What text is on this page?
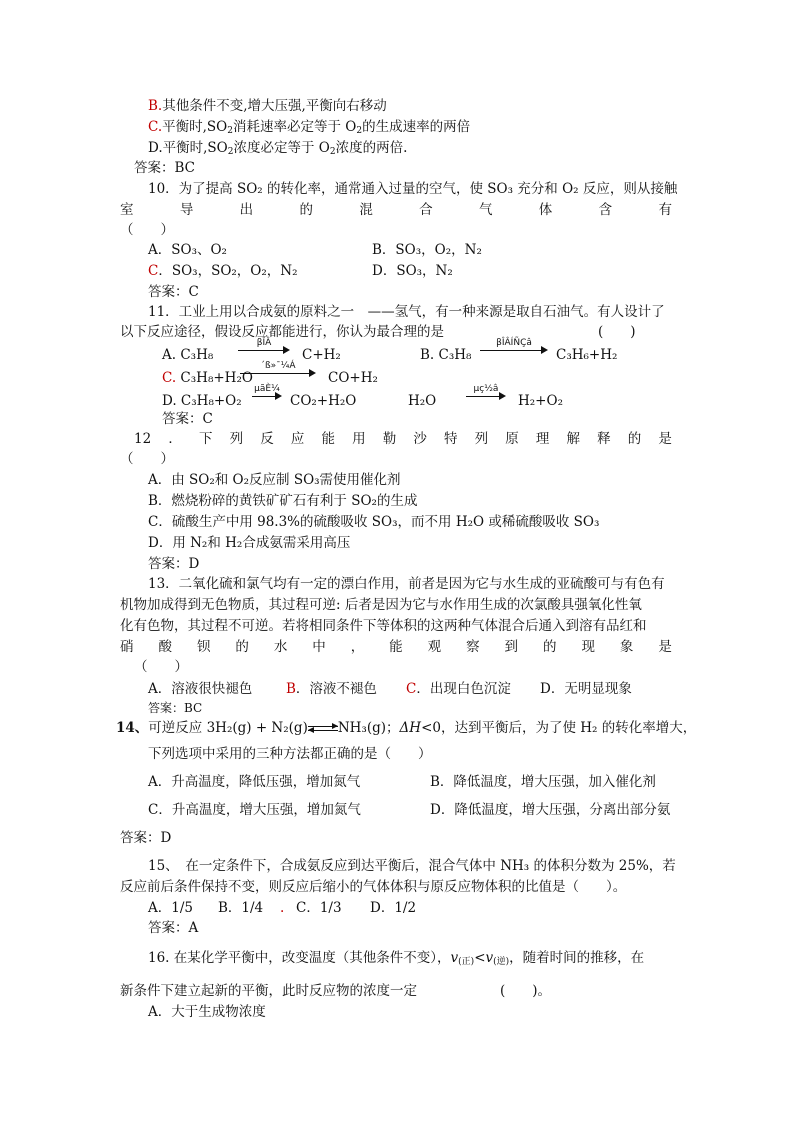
B.其他条件不变,增大压强,平衡向右移动
C.平衡时$,SO_2$消耗速率必定等于 $O_2$的生成速率的两倍
D.平衡时$,SO_2$浓度必定等于 $O_2$浓度的两倍.
答案：BC
10．为了提高 SO₂ 的转化率，通常通入过量的空气，使 SO₃ 充分和 O₂ 反应，则从接触
室	导	出	的	混	合	气	体	含	有
（　　）
A．SO₃、O₂	B．SO₃，O₂，N₂
C．SO₃，SO₂，O₂，N₂	D．SO₃，N₂
答案：C
11．工业上用以合成氨的原料之一　——氢气，有一种来源是取自石油气。有人设计了
以下反应途径，假设反应都能进行，你认为最合理的是	(　　)
A. C₃H₈
βÎÂ
C+H₂	B. C₃H₈
βÎÂÍÑÇâ
C₃H₆+H₂
C. C₃H₈+H₂O
´ß»¯¼Á
CO+H₂
D. C₃H₈+O₂
µãÈ¼
CO₂+H₂O	H₂O
µç½â
H₂+O₂
答案：C
12 ． 下 列 反 应 能 用 勒 沙 特 列 原 理 解 释 的 是
（　　）
A．由 SO₂和 O₂反应制 SO₃需使用催化剂
B．燃烧粉碎的黄铁矿矿石有利于 SO₂的生成
C．硫酸生产中用 98.3%的硫酸吸收 SO₃，而不用 H₂O 或稀硫酸吸收 SO₃
D．用 N₂和 H₂合成氨需采用高压
答案：D
13．二氧化硫和氯气均有一定的漂白作用，前者是因为它与水生成的亚硫酸可与有色有
机物加成得到无色物质，其过程可逆: 后者是因为它与水作用生成的次氯酸具强氧化性氧
化有色物，其过程不可逆。若将相同条件下等体积的这两种气体混合后通入到溶有品红和
硝 酸 钡 的 水 中 ， 能 观 察 到 的 现 象 是
（　　）
A．溶液很快褪色	B．溶液不褪色 C．出现白色沉淀 D．无明显现象
答案：BC
14、可逆反应 3H₂(g) + N₂(g)⇌NH₃(g)；ΔH<0，达到平衡后，为了使 H₂ 的转化率增大，
下列选项中采用的三种方法都正确的是（　　）
A．升高温度，降低压强，增加氮气	B．降低温度，增大压强，加入催化剂
C．升高温度，增大压强，增加氮气	D．降低温度，增大压强，分离出部分氨
答案：D
15、　在一定条件下，合成氨反应到达平衡后，混合气体中 NH₃ 的体积分数为 25%，若
反应前后条件保持不变，则反应后缩小的气体体积与原反应物体积的比值是（　　）。
A．1/5 B．1/4 . C．1/3 D．1/2
答案：A
16. 在某化学平衡中，改变温度（其他条件不变），$v_{(正)}<v_{(逆)}$，随着时间的推移，在
新条件下建立起新的平衡，此时反应物的浓度一定	(　　)。
A．大于生成物浓度
